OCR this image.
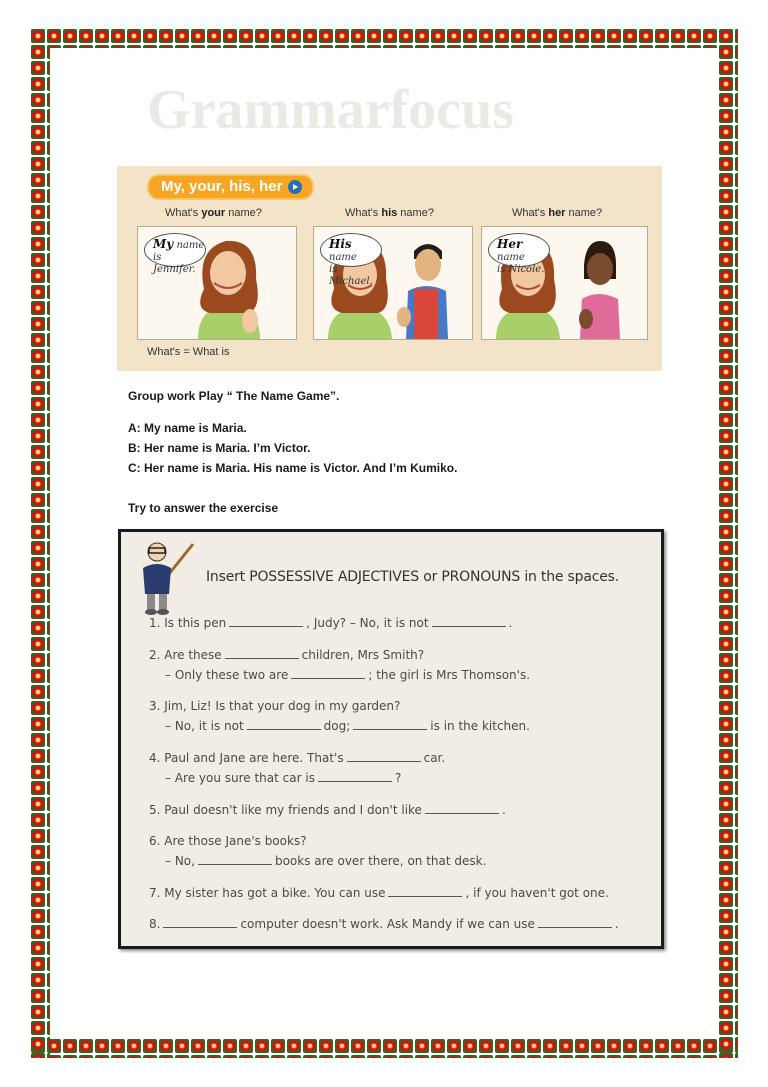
Grammarfocus
My, your, his, her
What's your name?	What's his name?	What's her name?
My name
is Jennifer.
His name
is Michael.
Her name
is Nicole.
What's = What is
Group work Play “ The Name Game”.
A: My name is Maria.
B: Her name is Maria. I’m Victor.
C: Her name is Maria. His name is Victor. And I’m Kumiko.
Try to answer the exercise
Insert POSSESSIVE ADJECTIVES or PRONOUNS in the spaces.
1. Is this pen	, Judy? – No, it is not	.
2. Are these	children, Mrs Smith?
– Only these two are	; the girl is Mrs Thomson's.
3. Jim, Liz! Is that your dog in my garden?
– No, it is not	dog;	is in the kitchen.
4. Paul and Jane are here. That's	car.
– Are you sure that car is	?
5. Paul doesn't like my friends and I don't like	.
6. Are those Jane's books?
– No,	books are over there, on that desk.
7. My sister has got a bike. You can use	, if you haven't got one.
8.	computer doesn't work. Ask Mandy if we can use	.
